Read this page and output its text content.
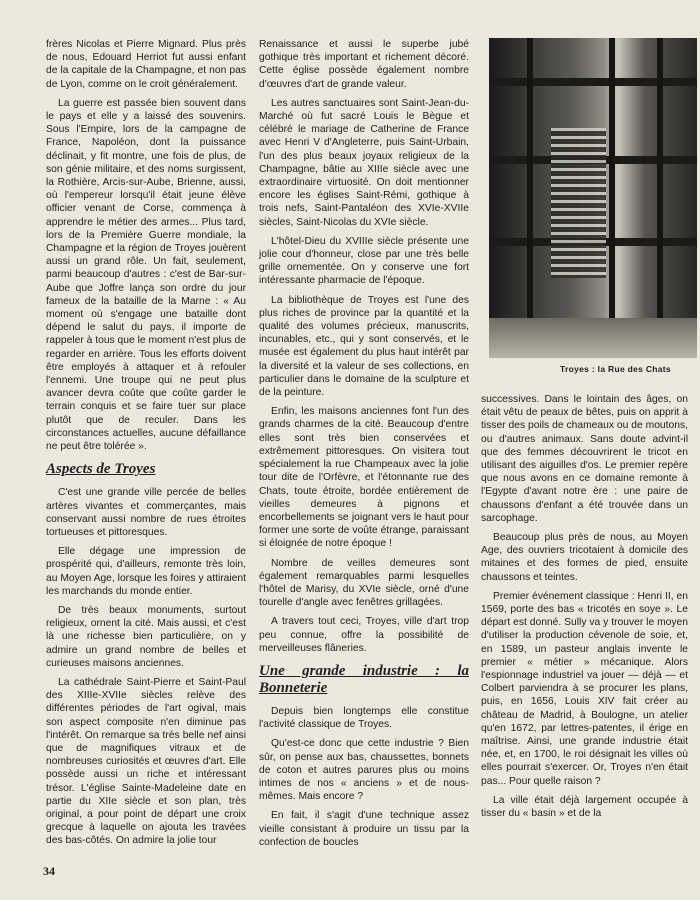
frères Nicolas et Pierre Mignard. Plus près de nous, Edouard Herriot fut aussi enfant de la capitale de la Champagne, et non pas de Lyon, comme on le croit généralement.

La guerre est passée bien souvent dans le pays et elle y a laissé des souvenirs. Sous l'Empire, lors de la campagne de France, Napoléon, dont la puissance déclinait, y fit montre, une fois de plus, de son génie militaire, et des noms surgissent, la Rothière, Arcis-sur-Aube, Brienne, aussi, où l'empereur lorsqu'il était jeune élève officier venant de Corse, commença à apprendre le métier des armes... Plus tard, lors de la Première Guerre mondiale, la Champagne et la région de Troyes jouèrent aussi un grand rôle. Un fait, seulement, parmi beaucoup d'autres : c'est de Bar-sur-Aube que Joffre lança son ordre du jour fameux de la bataille de la Marne : « Au moment où s'engage une bataille dont dépend le salut du pays, il importe de rappeler à tous que le moment n'est plus de regarder en arrière. Tous les efforts doivent être employés à attaquer et à refouler l'ennemi. Une troupe qui ne peut plus avancer devra coûte que coûte garder le terrain conquis et se faire tuer sur place plutôt que de reculer. Dans les circonstances actuelles, aucune défaillance ne peut être tolérée ».

Aspects de Troyes

C'est une grande ville percée de belles artères vivantes et commerçantes, mais conservant aussi nombre de rues étroites tortueuses et pittoresques.

Elle dégage une impression de prospérité qui, d'ailleurs, remonte très loin, au Moyen Age, lorsque les foires y attiraient les marchands du monde entier.

De très beaux monuments, surtout religieux, ornent la cité. Mais aussi, et c'est là une richesse bien particulière, on y admire un grand nombre de belles et curieuses maisons anciennes.

La cathédrale Saint-Pierre et Saint-Paul des XIIIe-XVIIe siècles relève des différentes périodes de l'art ogival, mais son aspect composite n'en diminue pas l'intérêt. On remarque sa très belle nef ainsi que de magnifiques vitraux et de nombreuses curiosités et œuvres d'art. Elle possède aussi un riche et intéressant trésor. L'église Sainte-Madeleine date en partie du XIIe siècle et son plan, très original, a pour point de départ une croix grecque à laquelle on ajouta les travées des bas-côtés. On admire la jolie tour

Renaissance et aussi le superbe jubé gothique très important et richement décoré. Cette église possède également nombre d'œuvres d'art de grande valeur.

Les autres sanctuaires sont Saint-Jean-du-Marché où fut sacré Louis le Bègue et célébré le mariage de Catherine de France avec Henri V d'Angleterre, puis Saint-Urbain, l'un des plus beaux joyaux religieux de la Champagne, bâtie au XIIIe siècle avec une extraordinaire virtuosité. On doit mentionner encore les églises Saint-Rémi, gothique à trois nefs, Saint-Pantaléon des XVIe-XVIIe siècles, Saint-Nicolas du XVIe siècle.

L'hôtel-Dieu du XVIIIe siècle présente une jolie cour d'honneur, close par une très belle grille ornementée. On y conserve une fort intéressante pharmacie de l'époque.

La bibliothèque de Troyes est l'une des plus riches de province par la quantité et la qualité des volumes précieux, manuscrits, incunables, etc., qui y sont conservés, et le musée est également du plus haut intérêt par la diversité et la valeur de ses collections, en particulier dans le domaine de la sculpture et de la peinture.

Enfin, les maisons anciennes font l'un des grands charmes de la cité. Beaucoup d'entre elles sont très bien conservées et extrêmement pittoresques. On visitera tout spécialement la rue Champeaux avec la jolie tour dite de l'Orfèvre, et l'étonnante rue des Chats, toute étroite, bordée entièrement de vieilles demeures à pignons et encorbellements se joignant vers le haut pour former une sorte de voûte étrange, paraissant si éloignée de notre époque !

Nombre de veilles demeures sont également remarquables parmi lesquelles l'hôtel de Marisy, du XVIe siècle, orné d'une tourelle d'angle avec fenêtres grillagées.

A travers tout ceci, Troyes, ville d'art trop peu connue, offre la possibilité de merveilleuses flâneries.

Une grande industrie : la Bonneterie

Depuis bien longtemps elle constitue l'activité classique de Troyes.

Qu'est-ce donc que cette industrie ? Bien sûr, on pense aux bas, chaussettes, bonnets de coton et autres parures plus ou moins intimes de nos « anciens » et de nous-mêmes. Mais encore ?

En fait, il s'agit d'une technique assez vieille consistant à produire un tissu par la confection de boucles

Troyes : la Rue des Chats

successives. Dans le lointain des âges, on était vêtu de peaux de bêtes, puis on apprit à tisser des poils de chameaux ou de moutons, ou d'autres animaux. Sans doute advint-il que des femmes découvrirent le tricot en utilisant des aiguilles d'os. Le premier repère que nous avons en ce domaine remonte à l'Egypte d'avant notre ère : une paire de chaussons d'enfant a été trouvée dans un sarcophage.

Beaucoup plus près de nous, au Moyen Age, des ouvriers tricotaient à domicile des mitaines et des formes de pied, ensuite chaussons et teintes.

Premier événement classique : Henri II, en 1569, porte des bas « tricotés en soye ». Le départ est donné. Sully va y trouver le moyen d'utiliser la production cévenole de soie, et, en 1589, un pasteur anglais invente le premier « métier » mécanique. Alors l'espionnage industriel va jouer — déjà — et Colbert parviendra à se procurer les plans, puis, en 1656, Louis XIV fait créer au château de Madrid, à Boulogne, un atelier qu'en 1672, par lettres-patentes, il érige en maîtrise. Ainsi, une grande industrie était née, et, en 1700, le roi désignait les villes où elles pourrait s'exercer. Or, Troyes n'en était pas... Pour quelle raison ?

La ville était déjà largement occupée à tisser du « basin » et de la

34
